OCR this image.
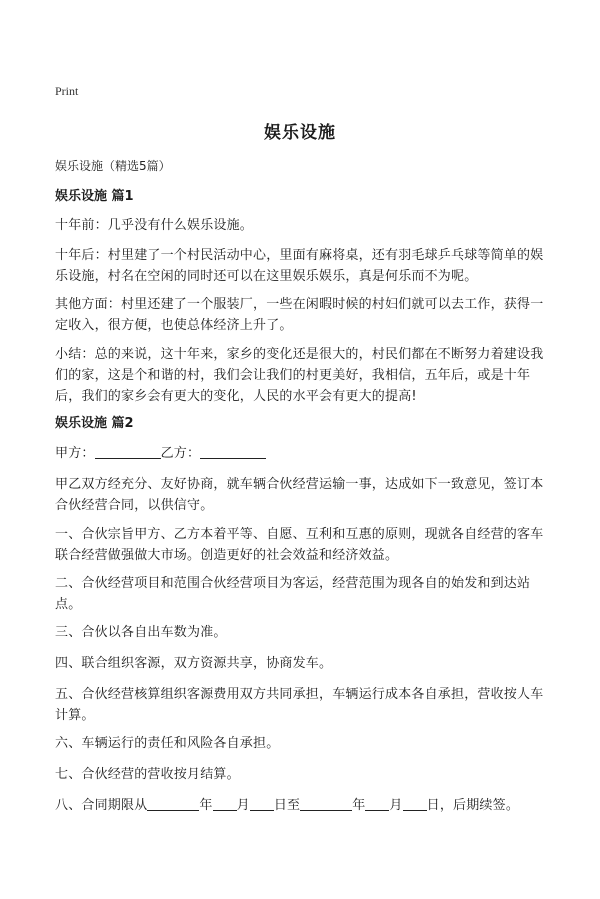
Print
娱乐设施
娱乐设施（精选5篇）
娱乐设施 篇1
十年前：几乎没有什么娱乐设施。
十年后：村里建了一个村民活动中心，里面有麻将桌，还有羽毛球乒乓球等简单的娱乐设施，村名在空闲的同时还可以在这里娱乐娱乐，真是何乐而不为呢。
其他方面：村里还建了一个服装厂，一些在闲暇时候的村妇们就可以去工作，获得一定收入，很方便，也使总体经济上升了。
小结：总的来说，这十年来，家乡的变化还是很大的，村民们都在不断努力着建设我们的家，这是个和谐的村，我们会让我们的村更美好，我相信，五年后，或是十年后，我们的家乡会有更大的变化，人民的水平会有更大的提高!
娱乐设施 篇2
甲方：	乙方：
甲乙双方经充分、友好协商，就车辆合伙经营运输一事，达成如下一致意见，签订本合伙经营合同，以供信守。
一、合伙宗旨甲方、乙方本着平等、自愿、互利和互惠的原则，现就各自经营的客车联合经营做强做大市场。创造更好的社会效益和经济效益。
二、合伙经营项目和范围合伙经营项目为客运，经营范围为现各自的始发和到达站点。
三、合伙以各自出车数为准。
四、联合组织客源，双方资源共享，协商发车。
五、合伙经营核算组织客源费用双方共同承担，车辆运行成本各自承担，营收按人车计算。
六、车辆运行的责任和风险各自承担。
七、合伙经营的营收按月结算。
八、合同期限从	年 月 日至	年 月 日，后期续签。
